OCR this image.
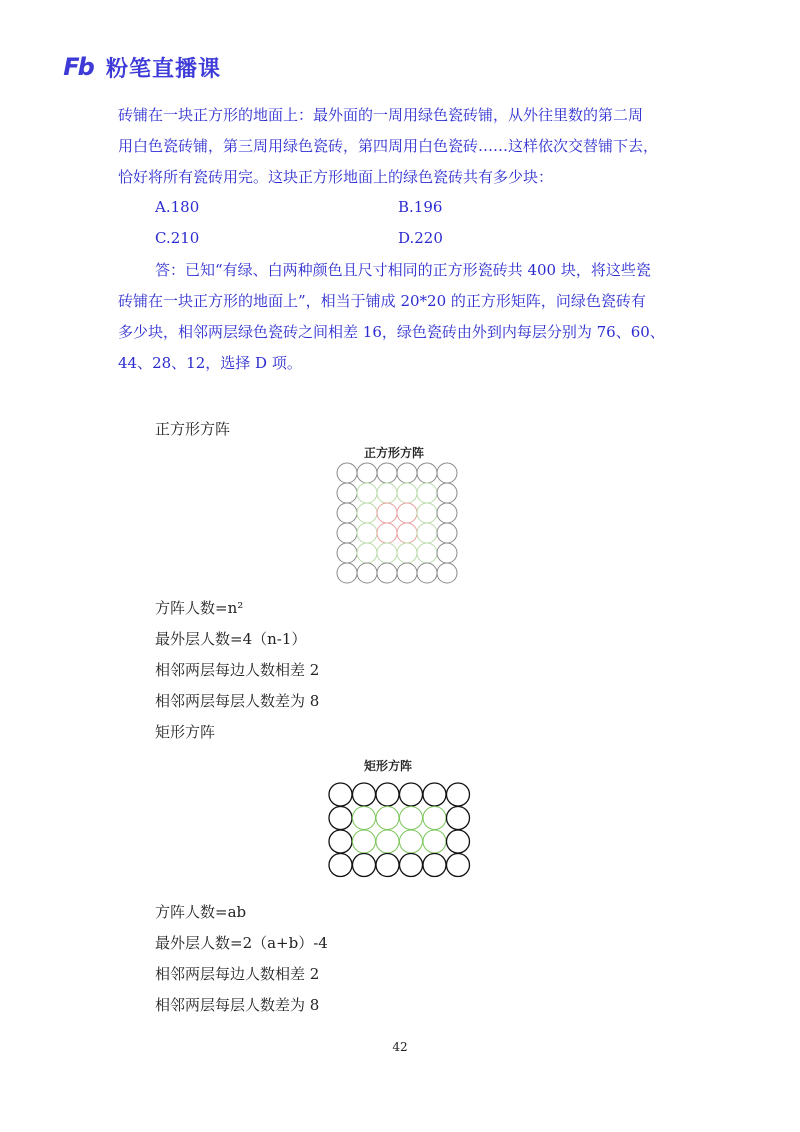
Fb 粉笔直播课
砖铺在一块正方形的地面上：最外面的一周用绿色瓷砖铺，从外往里数的第二周
用白色瓷砖铺，第三周用绿色瓷砖，第四周用白色瓷砖……这样依次交替铺下去，
恰好将所有瓷砖用完。这块正方形地面上的绿色瓷砖共有多少块：
A.180	B.196
C.210	D.220
答：已知“有绿、白两种颜色且尺寸相同的正方形瓷砖共 400 块，将这些瓷
砖铺在一块正方形的地面上”，相当于铺成 20*20 的正方形矩阵，问绿色瓷砖有
多少块，相邻两层绿色瓷砖之间相差 16，绿色瓷砖由外到内每层分别为 76、60、
44、28、12，选择 D 项。
正方形方阵
正方形方阵
方阵人数=n²
最外层人数=4（n-1）
相邻两层每边人数相差 2
相邻两层每层人数差为 8
矩形方阵
矩形方阵
方阵人数=ab
最外层人数=2（a+b）-4
相邻两层每边人数相差 2
相邻两层每层人数差为 8
42
